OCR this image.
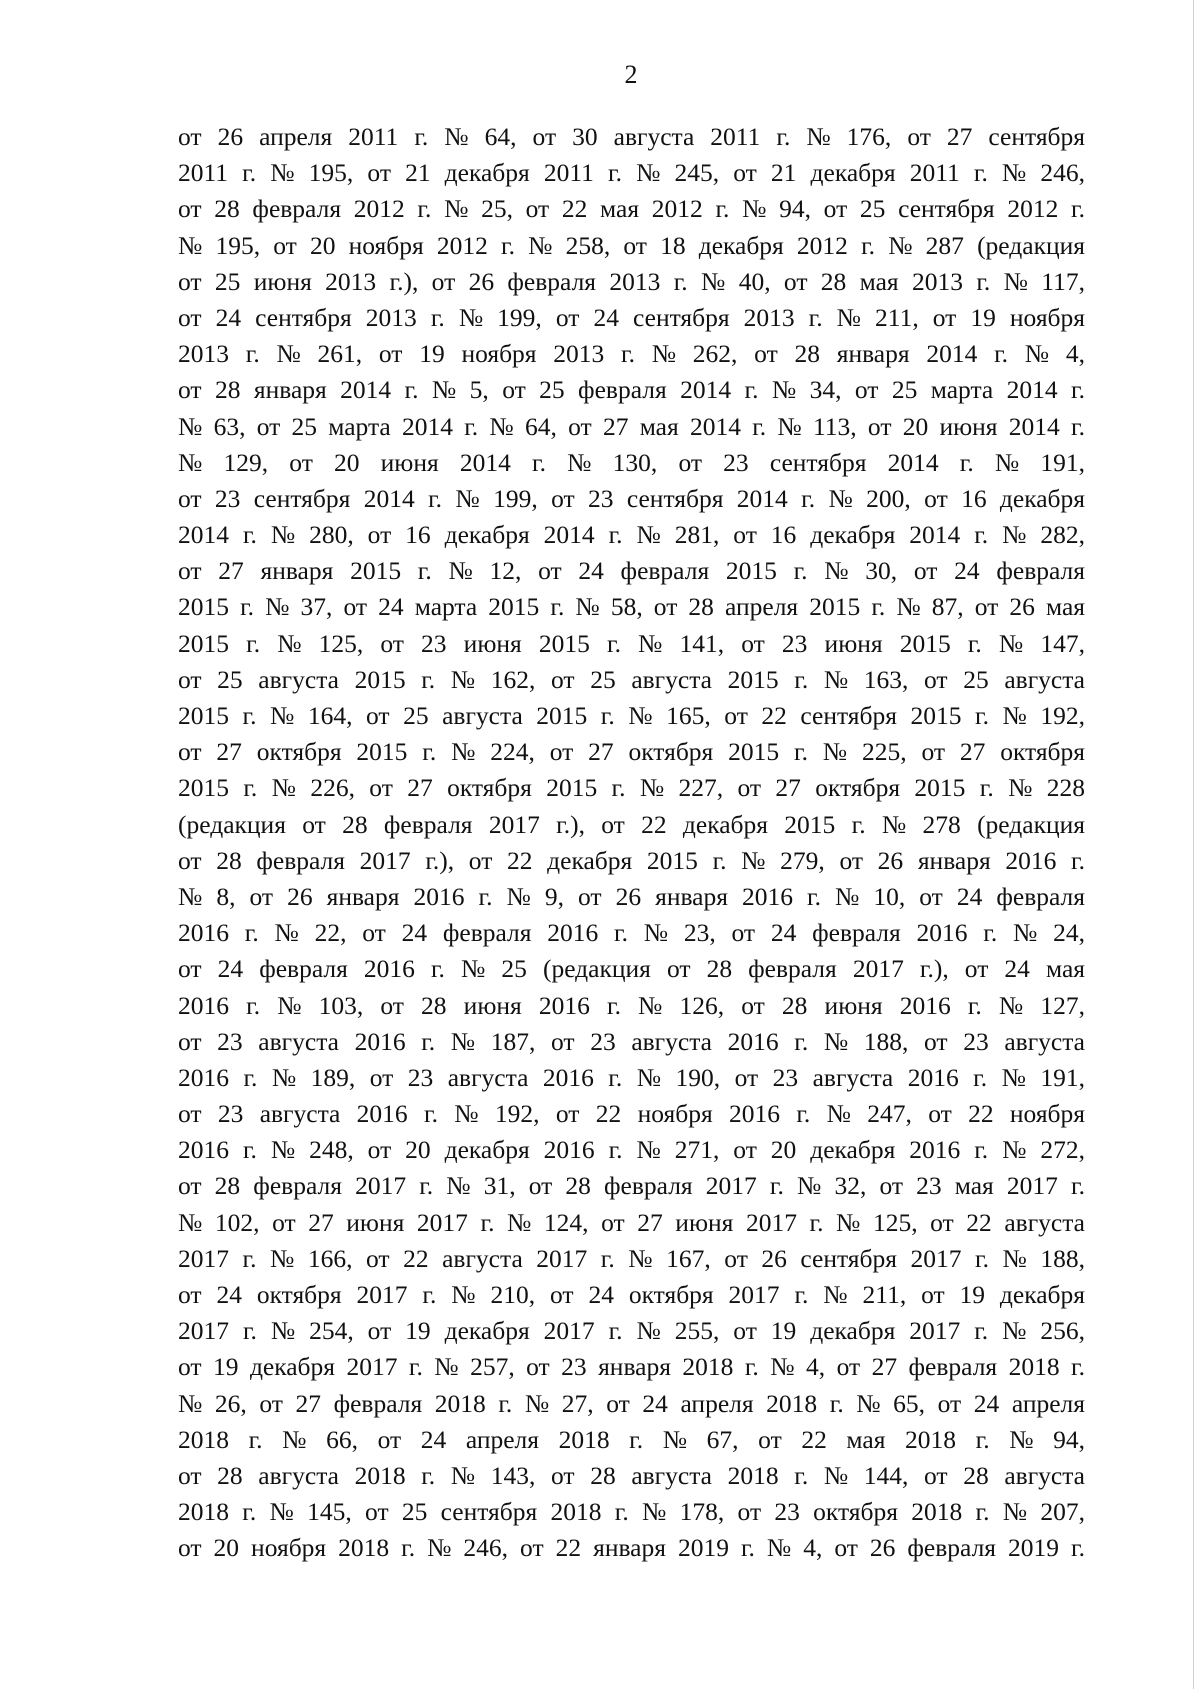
2
от 26 апреля 2011 г. № 64, от 30 августа 2011 г. № 176, от 27 сентября
2011 г. № 195, от 21 декабря 2011 г. № 245, от 21 декабря 2011 г. № 246,
от 28 февраля 2012 г. № 25, от 22 мая 2012 г. № 94, от 25 сентября 2012 г.
№ 195, от 20 ноября 2012 г. № 258, от 18 декабря 2012 г. № 287 (редакция
от 25 июня 2013 г.), от 26 февраля 2013 г. № 40, от 28 мая 2013 г. № 117,
от 24 сентября 2013 г. № 199, от 24 сентября 2013 г. № 211, от 19 ноября
2013 г. № 261, от 19 ноября 2013 г. № 262, от 28 января 2014 г. № 4,
от 28 января 2014 г. № 5, от 25 февраля 2014 г. № 34, от 25 марта 2014 г.
№ 63, от 25 марта 2014 г. № 64, от 27 мая 2014 г. № 113, от 20 июня 2014 г.
№ 129, от 20 июня 2014 г. № 130, от 23 сентября 2014 г. № 191,
от 23 сентября 2014 г. № 199, от 23 сентября 2014 г. № 200, от 16 декабря
2014 г. № 280, от 16 декабря 2014 г. № 281, от 16 декабря 2014 г. № 282,
от 27 января 2015 г. № 12, от 24 февраля 2015 г. № 30, от 24 февраля
2015 г. № 37, от 24 марта 2015 г. № 58, от 28 апреля 2015 г. № 87, от 26 мая
2015 г. № 125, от 23 июня 2015 г. № 141, от 23 июня 2015 г. № 147,
от 25 августа 2015 г. № 162, от 25 августа 2015 г. № 163, от 25 августа
2015 г. № 164, от 25 августа 2015 г. № 165, от 22 сентября 2015 г. № 192,
от 27 октября 2015 г. № 224, от 27 октября 2015 г. № 225, от 27 октября
2015 г. № 226, от 27 октября 2015 г. № 227, от 27 октября 2015 г. № 228
(редакция от 28 февраля 2017 г.), от 22 декабря 2015 г. № 278 (редакция
от 28 февраля 2017 г.), от 22 декабря 2015 г. № 279, от 26 января 2016 г.
№ 8, от 26 января 2016 г. № 9, от 26 января 2016 г. № 10, от 24 февраля
2016 г. № 22, от 24 февраля 2016 г. № 23, от 24 февраля 2016 г. № 24,
от 24 февраля 2016 г. № 25 (редакция от 28 февраля 2017 г.), от 24 мая
2016 г. № 103, от 28 июня 2016 г. № 126, от 28 июня 2016 г. № 127,
от 23 августа 2016 г. № 187, от 23 августа 2016 г. № 188, от 23 августа
2016 г. № 189, от 23 августа 2016 г. № 190, от 23 августа 2016 г. № 191,
от 23 августа 2016 г. № 192, от 22 ноября 2016 г. № 247, от 22 ноября
2016 г. № 248, от 20 декабря 2016 г. № 271, от 20 декабря 2016 г. № 272,
от 28 февраля 2017 г. № 31, от 28 февраля 2017 г. № 32, от 23 мая 2017 г.
№ 102, от 27 июня 2017 г. № 124, от 27 июня 2017 г. № 125, от 22 августа
2017 г. № 166, от 22 августа 2017 г. № 167, от 26 сентября 2017 г. № 188,
от 24 октября 2017 г. № 210, от 24 октября 2017 г. № 211, от 19 декабря
2017 г. № 254, от 19 декабря 2017 г. № 255, от 19 декабря 2017 г. № 256,
от 19 декабря 2017 г. № 257, от 23 января 2018 г. № 4, от 27 февраля 2018 г.
№ 26, от 27 февраля 2018 г. № 27, от 24 апреля 2018 г. № 65, от 24 апреля
2018 г. № 66, от 24 апреля 2018 г. № 67, от 22 мая 2018 г. № 94,
от 28 августа 2018 г. № 143, от 28 августа 2018 г. № 144, от 28 августа
2018 г. № 145, от 25 сентября 2018 г. № 178, от 23 октября 2018 г. № 207,
от 20 ноября 2018 г. № 246, от 22 января 2019 г. № 4, от 26 февраля 2019 г.
